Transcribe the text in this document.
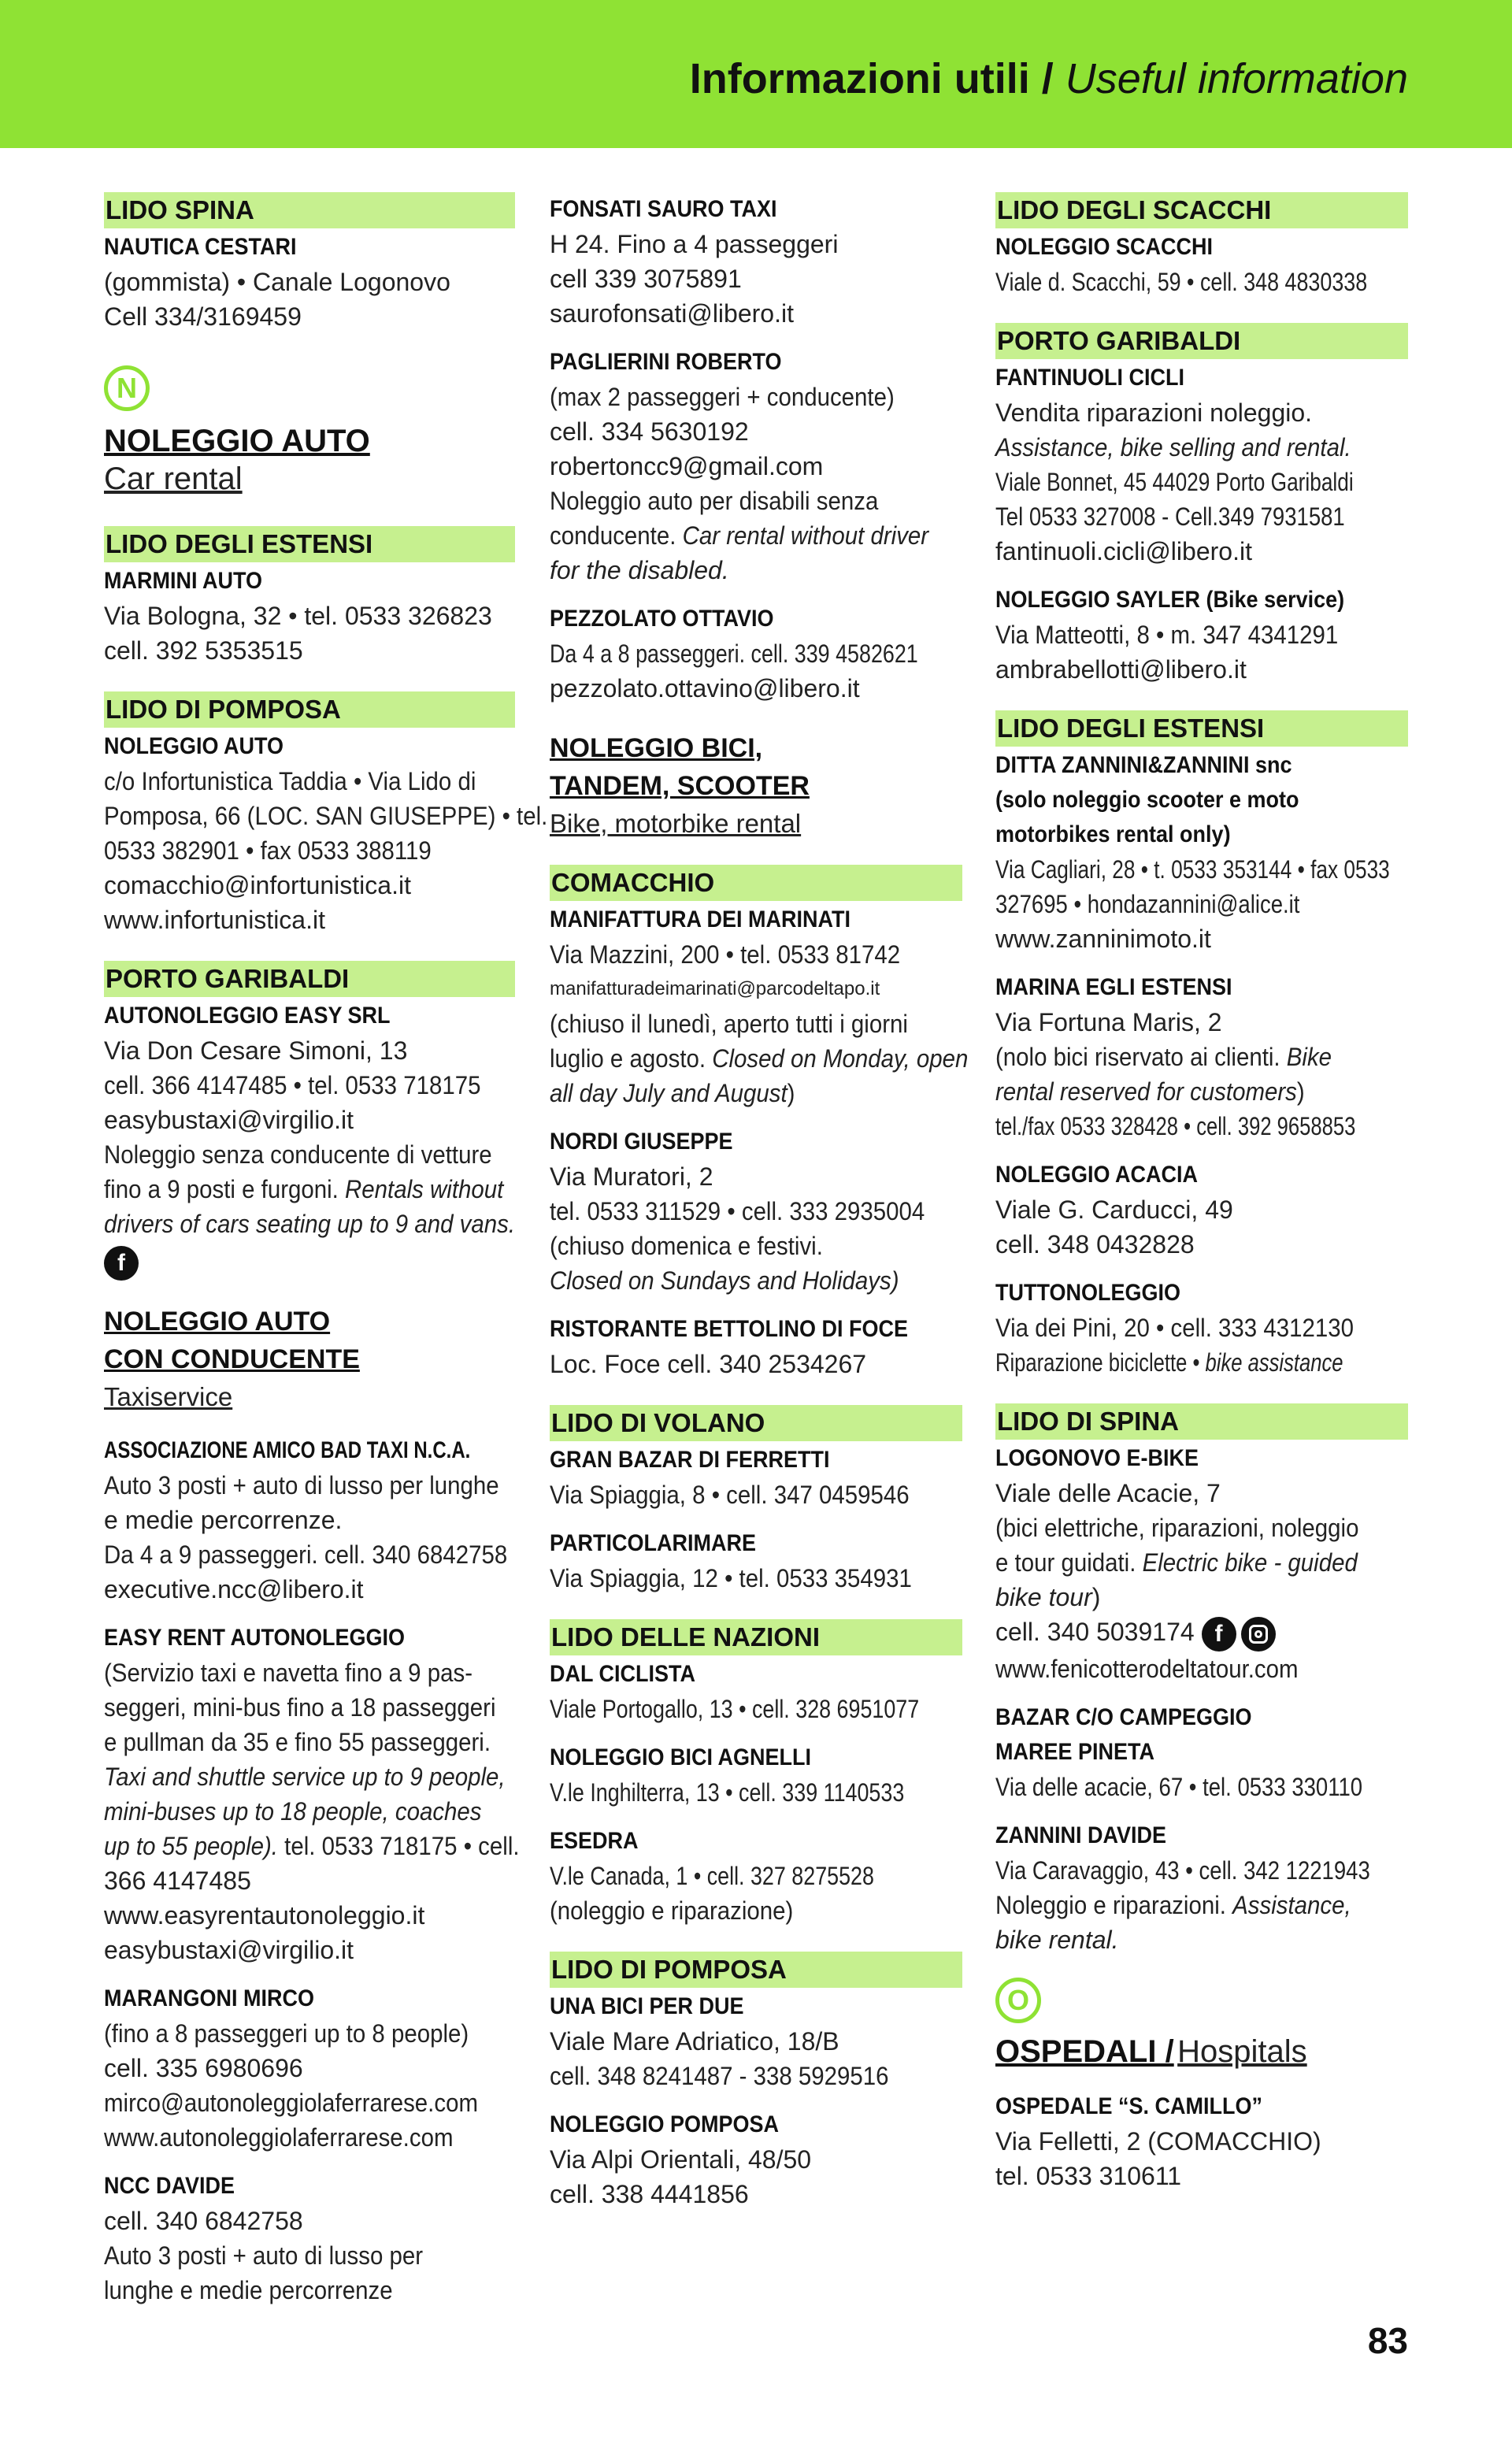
Informazioni utili / Useful information
LIDO SPINA
NAUTICA CESTARI
(gommista) • Canale Logonovo
Cell 334/3169459
N
NOLEGGIO AUTO
Car rental
LIDO DEGLI ESTENSI
MARMINI AUTO
Via Bologna, 32 • tel. 0533 326823
cell. 392 5353515
LIDO DI POMPOSA
NOLEGGIO AUTO
c/o Infortunistica Taddia • Via Lido di
Pomposa, 66 (LOC. SAN GIUSEPPE) • tel.
0533 382901 • fax 0533 388119
comacchio@infortunistica.it
www.infortunistica.it
PORTO GARIBALDI
AUTONOLEGGIO EASY SRL
Via Don Cesare Simoni, 13
cell. 366 4147485 • tel. 0533 718175
easybustaxi@virgilio.it
Noleggio senza conducente di vetture
fino a 9 posti e furgoni. Rentals without
drivers of cars seating up to 9 and vans.
f
NOLEGGIO AUTO
CON CONDUCENTE
Taxiservice
ASSOCIAZIONE AMICO BAD TAXI N.C.A.
Auto 3 posti + auto di lusso per lunghe
e medie percorrenze.
Da 4 a 9 passeggeri. cell. 340 6842758
executive.ncc@libero.it
EASY RENT AUTONOLEGGIO
(Servizio taxi e navetta fino a 9 pas-
seggeri, mini-bus fino a 18 passeggeri
e pullman da 35 e fino 55 passeggeri.
Taxi and shuttle service up to 9 people,
mini-buses up to 18 people, coaches
up to 55 people). tel. 0533 718175 • cell.
366 4147485
www.easyrentautonoleggio.it
easybustaxi@virgilio.it
MARANGONI MIRCO
(fino a 8 passeggeri up to 8 people)
cell. 335 6980696
mirco@autonoleggiolaferrarese.com
www.autonoleggiolaferrarese.com
NCC DAVIDE
cell. 340 6842758
Auto 3 posti + auto di lusso per
lunghe e medie percorrenze
FONSATI SAURO TAXI
H 24. Fino a 4 passeggeri
cell 339 3075891
saurofonsati@libero.it
PAGLIERINI ROBERTO
(max 2 passeggeri + conducente)
cell. 334 5630192
robertoncc9@gmail.com
Noleggio auto per disabili senza
conducente. Car rental without driver
for the disabled.
PEZZOLATO OTTAVIO
Da 4 a 8 passeggeri. cell. 339 4582621
pezzolato.ottavino@libero.it
NOLEGGIO BICI,
TANDEM, SCOOTER
Bike, motorbike rental
COMACCHIO
MANIFATTURA DEI MARINATI
Via Mazzini, 200 • tel. 0533 81742
manifatturadeimarinati@parcodeltapo.it
(chiuso il lunedì, aperto tutti i giorni
luglio e agosto. Closed on Monday, open
all day July and August)
NORDI GIUSEPPE
Via Muratori, 2
tel. 0533 311529 • cell. 333 2935004
(chiuso domenica e festivi.
Closed on Sundays and Holidays)
RISTORANTE BETTOLINO DI FOCE
Loc. Foce cell. 340 2534267
LIDO DI VOLANO
GRAN BAZAR DI FERRETTI
Via Spiaggia, 8 • cell. 347 0459546
PARTICOLARIMARE
Via Spiaggia, 12 • tel. 0533 354931
LIDO DELLE NAZIONI
DAL CICLISTA
Viale Portogallo, 13 • cell. 328 6951077
NOLEGGIO BICI AGNELLI
V.le Inghilterra, 13 • cell. 339 1140533
ESEDRA
V.le Canada, 1 • cell. 327 8275528
(noleggio e riparazione)
LIDO DI POMPOSA
UNA BICI PER DUE
Viale Mare Adriatico, 18/B
cell. 348 8241487 - 338 5929516
NOLEGGIO POMPOSA
Via Alpi Orientali, 48/50
cell. 338 4441856
LIDO DEGLI SCACCHI
NOLEGGIO SCACCHI
Viale d. Scacchi, 59 • cell. 348 4830338
PORTO GARIBALDI
FANTINUOLI CICLI
Vendita riparazioni noleggio.
Assistance, bike selling and rental.
Viale Bonnet, 45 44029 Porto Garibaldi
Tel 0533 327008 - Cell.349 7931581
fantinuoli.cicli@libero.it
NOLEGGIO SAYLER (Bike service)
Via Matteotti, 8 • m. 347 4341291
ambrabellotti@libero.it
LIDO DEGLI ESTENSI
DITTA ZANNINI&ZANNINI snc
(solo noleggio scooter e moto
motorbikes rental only)
Via Cagliari, 28 • t. 0533 353144 • fax 0533
327695 • hondazannini@alice.it
www.zanninimoto.it
MARINA EGLI ESTENSI
Via Fortuna Maris, 2
(nolo bici riservato ai clienti. Bike
rental reserved for customers)
tel./fax 0533 328428 • cell. 392 9658853
NOLEGGIO ACACIA
Viale G. Carducci, 49
cell. 348 0432828
TUTTONOLEGGIO
Via dei Pini, 20 • cell. 333 4312130
Riparazione biciclette • bike assistance
LIDO DI SPINA
LOGONOVO E-BIKE
Viale delle Acacie, 7
(bici elettriche, riparazioni, noleggio
e tour guidati. Electric bike - guided
bike tour)
cell. 340 5039174 f
www.fenicotterodeltatour.com
BAZAR C/O CAMPEGGIO
MAREE PINETA
Via delle acacie, 67 • tel. 0533 330110
ZANNINI DAVIDE
Via Caravaggio, 43 • cell. 342 1221943
Noleggio e riparazioni. Assistance,
bike rental.
O
OSPEDALI / Hospitals
OSPEDALE “S. CAMILLO”
Via Felletti, 2 (COMACCHIO)
tel. 0533 310611
83
